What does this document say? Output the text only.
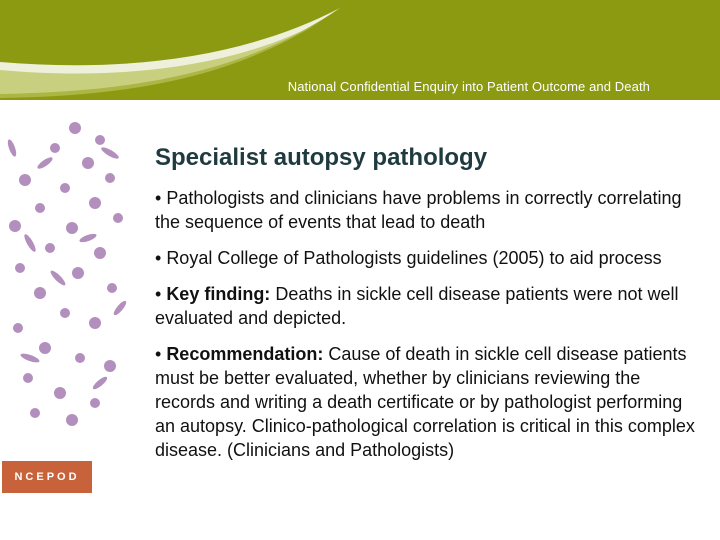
National Confidential Enquiry into Patient Outcome and Death
NCEPOD
Specialist autopsy pathology
• Pathologists and clinicians have problems in correctly correlating the sequence of events that lead to death
• Royal College of Pathologists guidelines (2005) to aid process
• Key finding: Deaths in sickle cell disease patients were not well evaluated and depicted.
• Recommendation: Cause of death in sickle cell disease patients must be better evaluated, whether by clinicians reviewing the records and writing a death certificate or by pathologist performing an autopsy. Clinico-pathological correlation is critical in this complex disease. (Clinicians and Pathologists)
